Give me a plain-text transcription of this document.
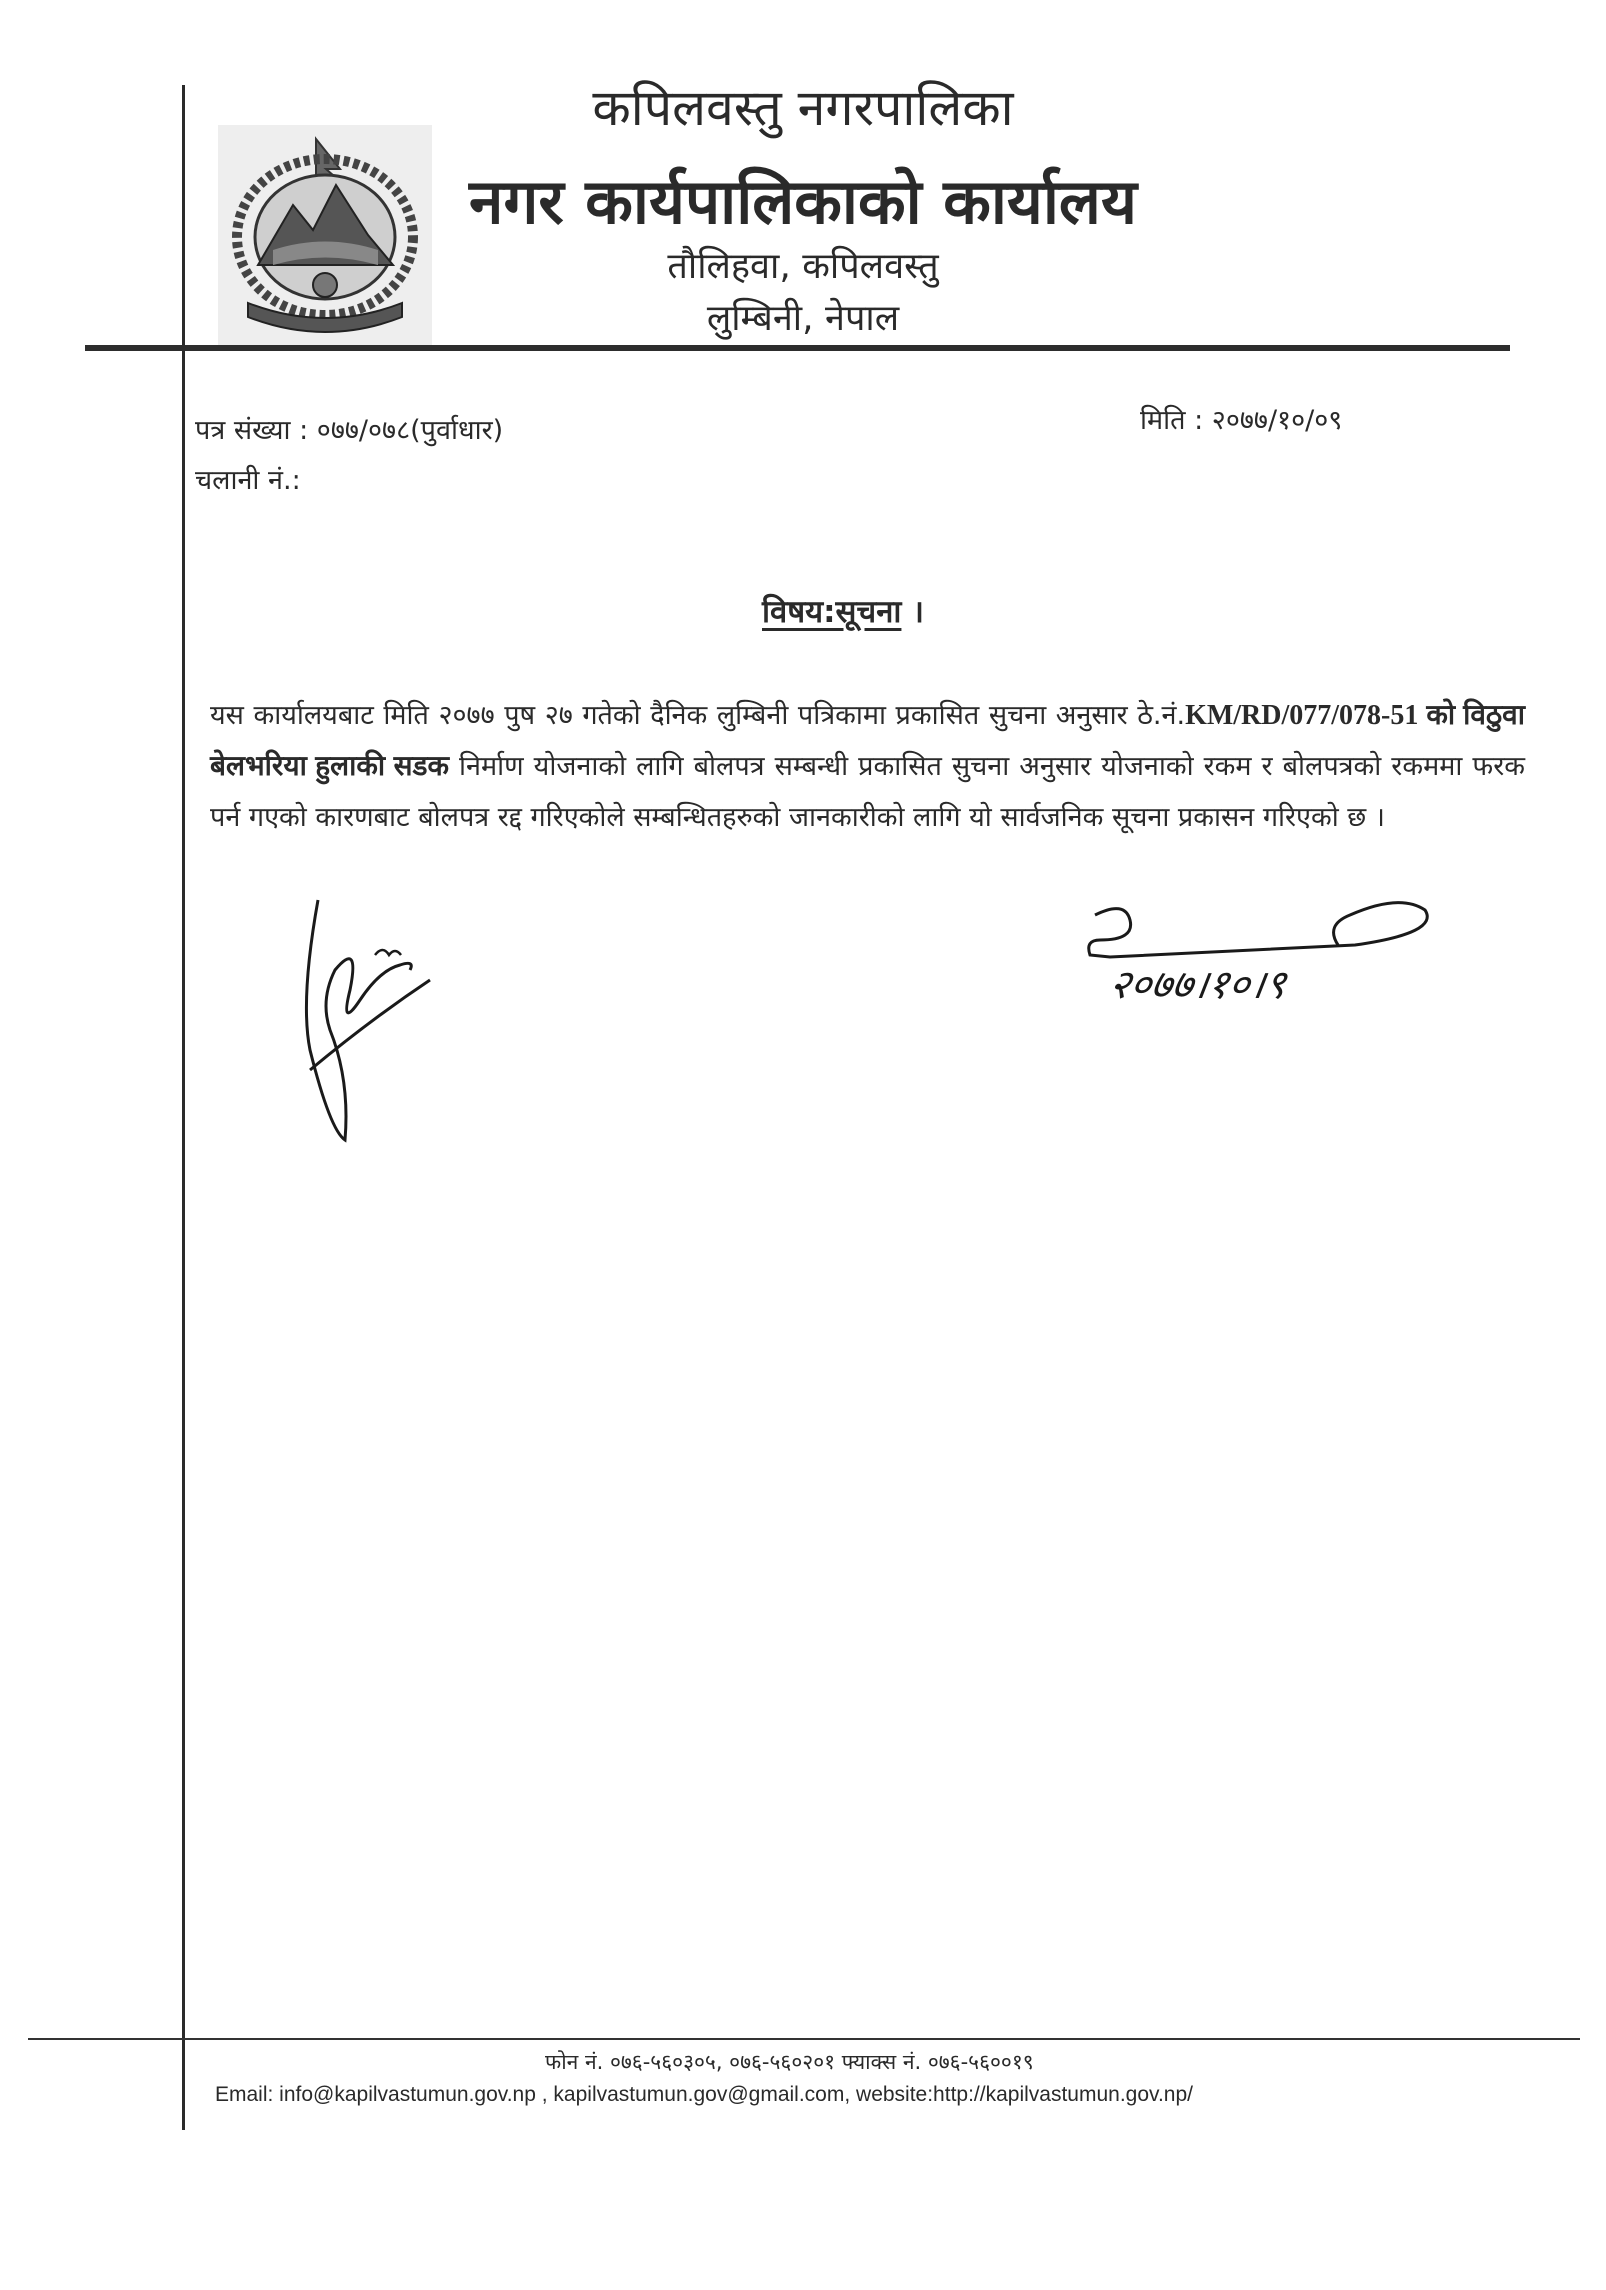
कपिलवस्तु नगरपालिका
नगर कार्यपालिकाको कार्यालय
तौलिहवा, कपिलवस्तु
लुम्बिनी, नेपाल
पत्र संख्या : ०७७/०७८(पुर्वाधार)
चलानी नं.:
मिति : २०७७/१०/०९
विषय:सूचना ।
यस कार्यालयबाट मिति २०७७ पुष २७ गतेको दैनिक लुम्बिनी पत्रिकामा प्रकासित सुचना अनुसार ठे.नं.KM/RD/077/078-51 को विठुवा बेलभरिया हुलाकी सडक निर्माण योजनाको लागि बोलपत्र सम्बन्धी प्रकासित सुचना अनुसार योजनाको रकम र बोलपत्रको रकममा फरक पर्न गएको कारणबाट बोलपत्र रद्द गरिएकोले सम्बन्धितहरुको जानकारीको लागि यो सार्वजनिक सूचना प्रकासन गरिएको छ ।
२०७७।१०।९
फोन नं. ०७६-५६०३०५, ०७६-५६०२०१ फ्याक्स नं. ०७६-५६००१९
Email: info@kapilvastumun.gov.np , kapilvastumun.gov@gmail.com, website:http://kapilvastumun.gov.np/
